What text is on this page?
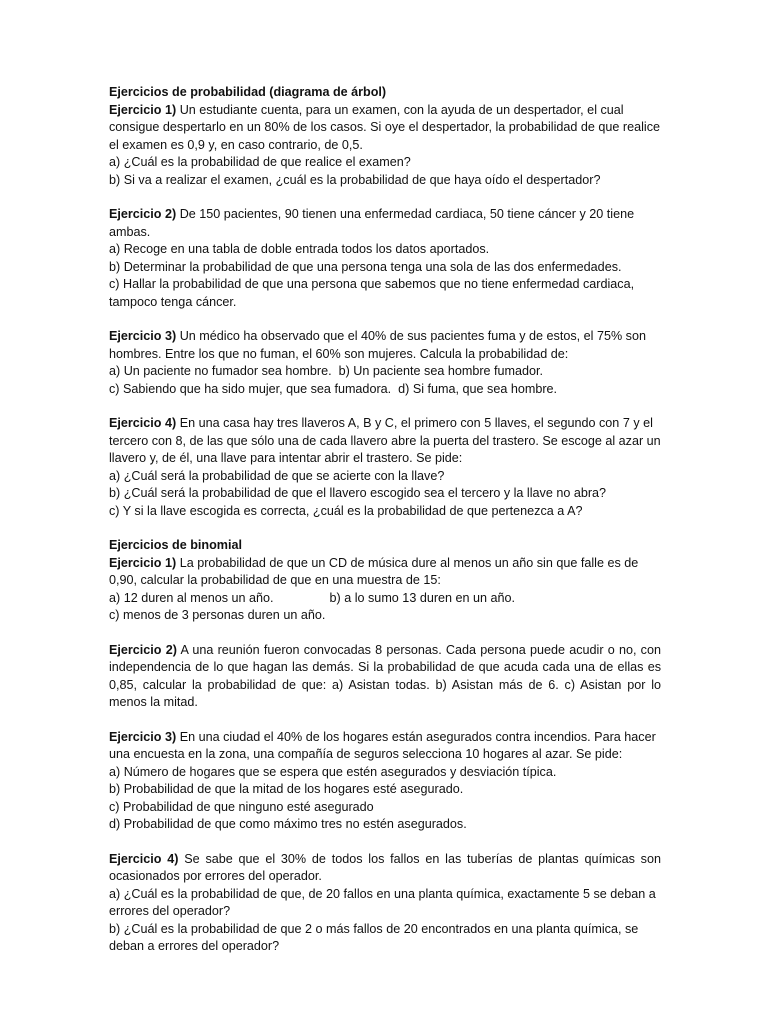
Ejercicios de probabilidad (diagrama de árbol)

Ejercicio 1) Un estudiante cuenta, para un examen, con la ayuda de un despertador, el cual consigue despertarlo en un 80% de los casos. Si oye el despertador, la probabilidad de que realice el examen es 0,9 y, en caso contrario, de 0,5.

a) ¿Cuál es la probabilidad de que realice el examen?

b) Si va a realizar el examen, ¿cuál es la probabilidad de que haya oído el despertador?

Ejercicio 2) De 150 pacientes, 90 tienen una enfermedad cardiaca, 50 tiene cáncer y 20 tiene ambas.

a) Recoge en una tabla de doble entrada todos los datos aportados.

b) Determinar la probabilidad de que una persona tenga una sola de las dos enfermedades.

c) Hallar la probabilidad de que una persona que sabemos que no tiene enfermedad cardiaca, tampoco tenga cáncer.

Ejercicio 3) Un médico ha observado que el 40% de sus pacientes fuma y de estos, el 75% son hombres. Entre los que no fuman, el 60% son mujeres. Calcula la probabilidad de:

a) Un paciente no fumador sea hombre.  b) Un paciente sea hombre fumador.

c) Sabiendo que ha sido mujer, que sea fumadora.  d) Si fuma, que sea hombre.

Ejercicio 4) En una casa hay tres llaveros A, B y C, el primero con 5 llaves, el segundo con 7 y el tercero con 8, de las que sólo una de cada llavero abre la puerta del trastero. Se escoge al azar un llavero y, de él, una llave para intentar abrir el trastero. Se pide:

a) ¿Cuál será la probabilidad de que se acierte con la llave?

b) ¿Cuál será la probabilidad de que el llavero escogido sea el tercero y la llave no abra?

c) Y si la llave escogida es correcta, ¿cuál es la probabilidad de que pertenezca a A?

Ejercicios de binomial

Ejercicio 1) La probabilidad de que un CD de música dure al menos un año sin que falle es de 0,90, calcular la probabilidad de que en una muestra de 15:

a) 12 duren al menos un año.                b) a lo sumo 13 duren en un año.

c) menos de 3 personas duren un año.

Ejercicio 2) A una reunión fueron convocadas 8 personas. Cada persona puede acudir o no, con independencia de lo que hagan las demás. Si la probabilidad de que acuda cada una de ellas es 0,85, calcular la probabilidad de que: a) Asistan todas. b) Asistan más de 6. c) Asistan por lo menos la mitad.

Ejercicio 3) En una ciudad el 40% de los hogares están asegurados contra incendios. Para hacer una encuesta en la zona, una compañía de seguros selecciona 10 hogares al azar. Se pide:

a) Número de hogares que se espera que estén asegurados y desviación típica.

b) Probabilidad de que la mitad de los hogares esté asegurado.

c) Probabilidad de que ninguno esté asegurado

d) Probabilidad de que como máximo tres no estén asegurados.

Ejercicio 4) Se sabe que el 30% de todos los fallos en las tuberías de plantas químicas son ocasionados por errores del operador.

a) ¿Cuál es la probabilidad de que, de 20 fallos en una planta química, exactamente 5 se deban a errores del operador?

b) ¿Cuál es la probabilidad de que 2 o más fallos de 20 encontrados en una planta química, se deban a errores del operador?
